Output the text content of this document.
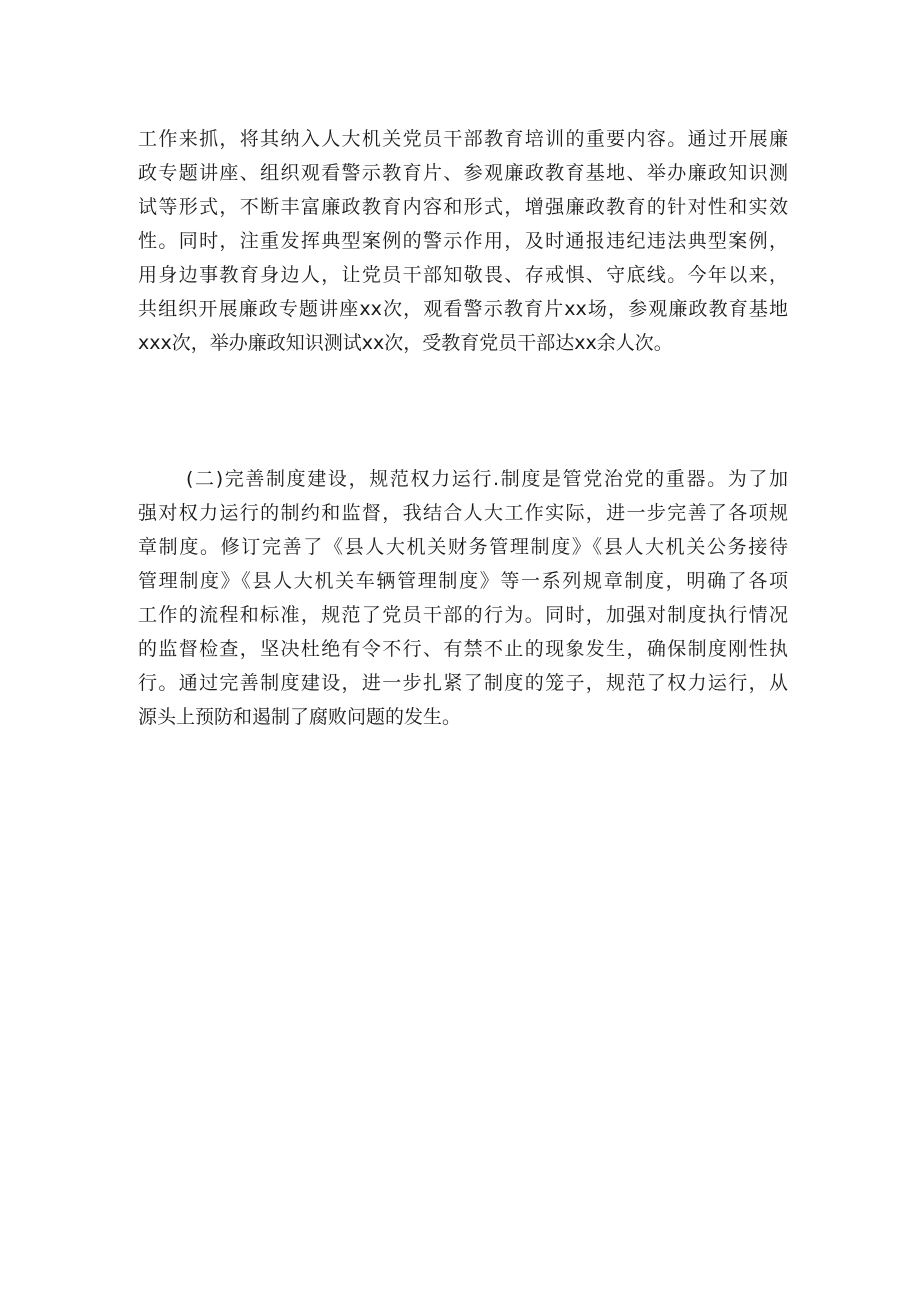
工作来抓，将其纳入人大机关党员干部教育培训的重要内容。通过开展廉
政专题讲座、组织观看警示教育片、参观廉政教育基地、举办廉政知识测
试等形式，不断丰富廉政教育内容和形式，增强廉政教育的针对性和实效
性。同时，注重发挥典型案例的警示作用，及时通报违纪违法典型案例，
用身边事教育身边人，让党员干部知敬畏、存戒惧、守底线。今年以来，
共组织开展廉政专题讲座xx次，观看警示教育片xx场，参观廉政教育基地
xxx次，举办廉政知识测试xx次，受教育党员干部达xx余人次。
(二)完善制度建设，规范权力运行.制度是管党治党的重器。为了加
强对权力运行的制约和监督，我结合人大工作实际，进一步完善了各项规
章制度。修订完善了《县人大机关财务管理制度》《县人大机关公务接待
管理制度》《县人大机关车辆管理制度》等一系列规章制度，明确了各项
工作的流程和标准，规范了党员干部的行为。同时，加强对制度执行情况
的监督检查，坚决杜绝有令不行、有禁不止的现象发生，确保制度刚性执
行。通过完善制度建设，进一步扎紧了制度的笼子，规范了权力运行，从
源头上预防和遏制了腐败问题的发生。
